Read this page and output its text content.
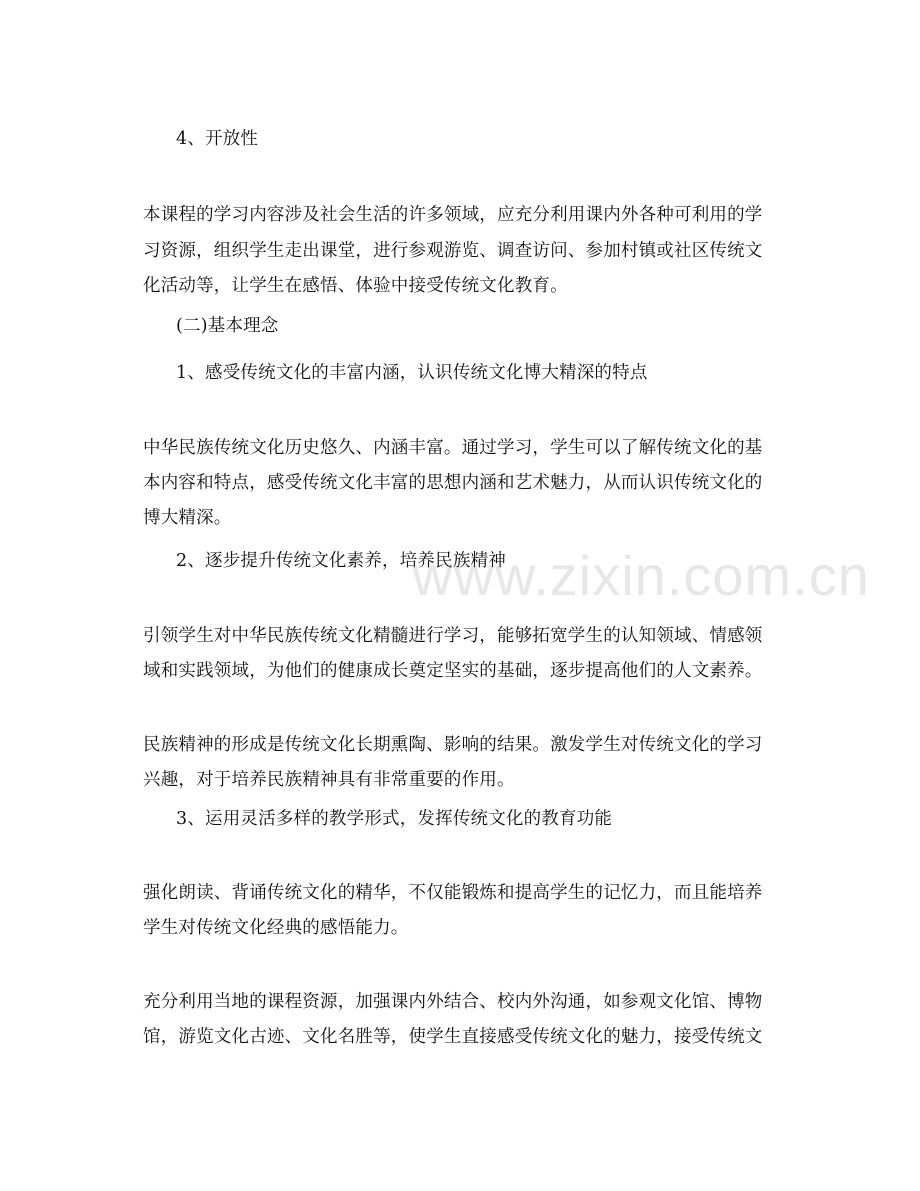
4、开放性
本课程的学习内容涉及社会生活的许多领域，应充分利用课内外各种可利用的学
习资源，组织学生走出课堂，进行参观游览、调查访问、参加村镇或社区传统文
化活动等，让学生在感悟、体验中接受传统文化教育。
(二)基本理念
1、感受传统文化的丰富内涵，认识传统文化博大精深的特点
中华民族传统文化历史悠久、内涵丰富。通过学习，学生可以了解传统文化的基
本内容和特点，感受传统文化丰富的思想内涵和艺术魅力，从而认识传统文化的
博大精深。
2、逐步提升传统文化素养，培养民族精神
引领学生对中华民族传统文化精髓进行学习，能够拓宽学生的认知领域、情感领
域和实践领域，为他们的健康成长奠定坚实的基础，逐步提高他们的人文素养。
民族精神的形成是传统文化长期熏陶、影响的结果。激发学生对传统文化的学习
兴趣，对于培养民族精神具有非常重要的作用。
3、运用灵活多样的教学形式，发挥传统文化的教育功能
强化朗读、背诵传统文化的精华，不仅能锻炼和提高学生的记忆力，而且能培养
学生对传统文化经典的感悟能力。
充分利用当地的课程资源，加强课内外结合、校内外沟通，如参观文化馆、博物
馆，游览文化古迹、文化名胜等，使学生直接感受传统文化的魅力，接受传统文
www.zixin.com.cn
